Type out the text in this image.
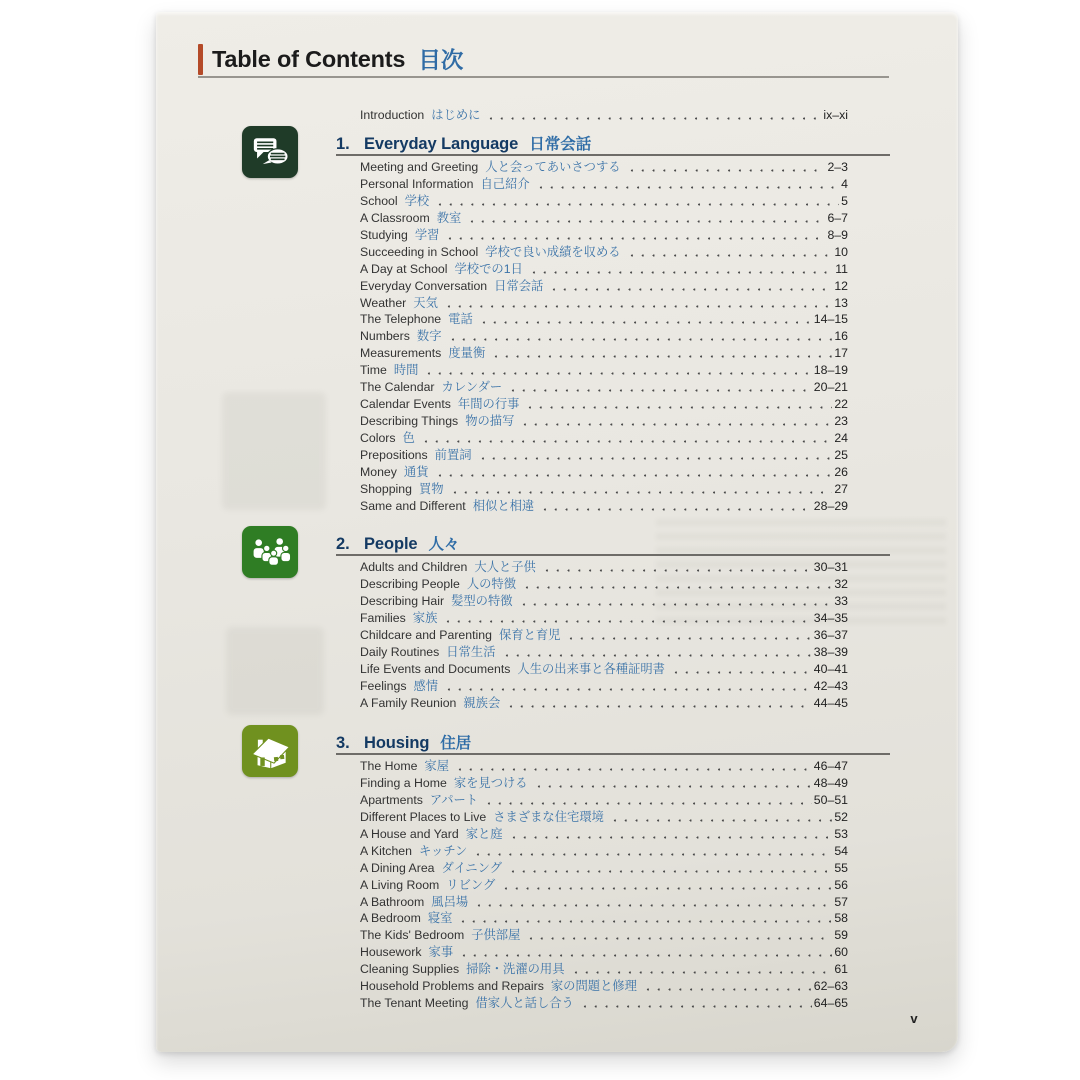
Table of Contents 目次
Introduction はじめに	ix–xi
1. Everyday Language 日常会話
Meeting and Greeting 人と会ってあいさつする	2–3
Personal Information 自己紹介	4
School 学校	5
A Classroom 教室	6–7
Studying 学習	8–9
Succeeding in School 学校で良い成績を収める	10
A Day at School 学校での1日	11
Everyday Conversation 日常会話	12
Weather 天気	13
The Telephone 電話	14–15
Numbers 数字	16
Measurements 度量衡	17
Time 時間	18–19
The Calendar カレンダー	20–21
Calendar Events 年間の行事	22
Describing Things 物の描写	23
Colors 色	24
Prepositions 前置詞	25
Money 通貨	26
Shopping 買物	27
Same and Different 相似と相違	28–29
2. People 人々
Adults and Children 大人と子供	30–31
Describing People 人の特徴	32
Describing Hair 髪型の特徴	33
Families 家族	34–35
Childcare and Parenting 保育と育児	36–37
Daily Routines 日常生活	38–39
Life Events and Documents 人生の出来事と各種証明書	40–41
Feelings 感情	42–43
A Family Reunion 親族会	44–45
3. Housing 住居
The Home 家屋	46–47
Finding a Home 家を見つける	48–49
Apartments アパート	50–51
Different Places to Live さまざまな住宅環境	52
A House and Yard 家と庭	53
A Kitchen キッチン	54
A Dining Area ダイニング	55
A Living Room リビング	56
A Bathroom 風呂場	57
A Bedroom 寝室	58
The Kids' Bedroom 子供部屋	59
Housework 家事	60
Cleaning Supplies 掃除・洗濯の用具	61
Household Problems and Repairs 家の問題と修理	62–63
The Tenant Meeting 借家人と話し合う	64–65
v
